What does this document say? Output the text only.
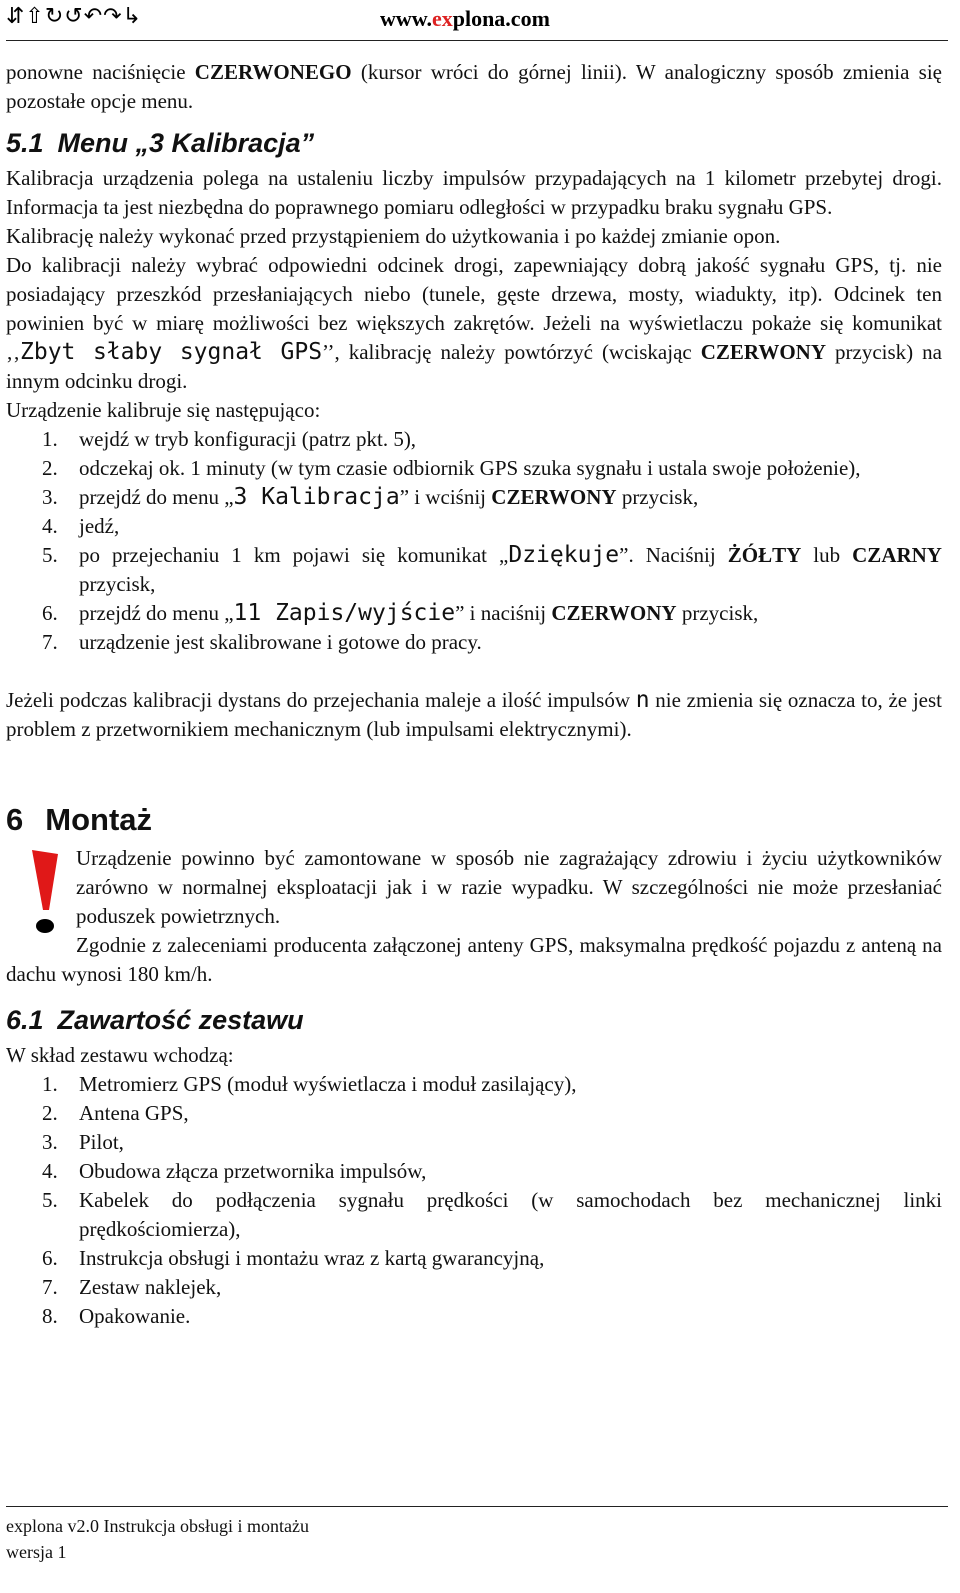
⇵⇧↻↺↶↷↳	www.explona.com

ponowne naciśnięcie CZERWONEGO (kursor wróci do górnej linii). W analogiczny sposób zmienia się pozostałe opcje menu.

5.1 Menu „3 Kalibracja”

Kalibracja urządzenia polega na ustaleniu liczby impulsów przypadających na 1 kilometr przebytej drogi. Informacja ta jest niezbędna do poprawnego pomiaru odległości w przypadku braku sygnału GPS.

Kalibrację należy wykonać przed przystąpieniem do użytkowania i po każdej zmianie opon.

Do kalibracji należy wybrać odpowiedni odcinek drogi, zapewniający dobrą jakość sygnału GPS, tj. nie posiadający przeszkód przesłaniających niebo (tunele, gęste drzewa, mosty, wiadukty, itp). Odcinek ten powinien być w miarę możliwości bez większych zakrętów. Jeżeli na wyświetlaczu pokaże się komunikat ‚‚Zbyt słaby sygnał GPS’’, kalibrację należy powtórzyć (wciskając CZERWONY przycisk) na innym odcinku drogi.

Urządzenie kalibruje się następująco:

1. wejdź w tryb konfiguracji (patrz pkt. 5),
2. odczekaj ok. 1 minuty (w tym czasie odbiornik GPS szuka sygnału i ustala swoje położenie),
3. przejdź do menu „3 Kalibracja” i wciśnij CZERWONY przycisk,
4. jedź,
5. po przejechaniu 1 km pojawi się komunikat „Dziękuje”. Naciśnij ŻÓŁTY lub CZARNY przycisk,
6. przejdź do menu „11 Zapis/wyjście” i naciśnij CZERWONY przycisk,
7. urządzenie jest skalibrowane i gotowe do pracy.

Jeżeli podczas kalibracji dystans do przejechania maleje a ilość impulsów n nie zmienia się oznacza to, że jest problem z przetwornikiem mechanicznym (lub impulsami elektrycznymi).

6 Montaż

Urządzenie powinno być zamontowane w sposób nie zagrażający zdrowiu i życiu użytkowników zarówno w normalnej eksploatacji jak i w razie wypadku. W szczególności nie może przesłaniać poduszek powietrznych.

Zgodnie z zaleceniami producenta załączonej anteny GPS, maksymalna prędkość pojazdu z anteną na dachu wynosi 180 km/h.

6.1 Zawartość zestawu

W skład zestawu wchodzą:

1. Metromierz GPS (moduł wyświetlacza i moduł zasilający),
2. Antena GPS,
3. Pilot,
4. Obudowa złącza przetwornika impulsów,
5. Kabelek do podłączenia sygnału prędkości (w samochodach bez mechanicznej linki prędkościomierza),
6. Instrukcja obsługi i montażu wraz z kartą gwarancyjną,
7. Zestaw naklejek,
8. Opakowanie.
explona v2.0 Instrukcja obsługi i montażu
wersja 1
